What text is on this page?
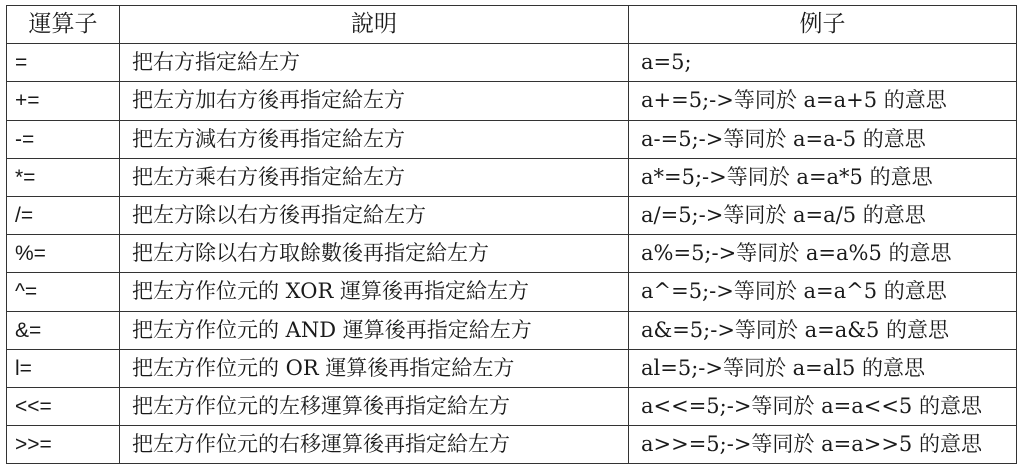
運算子	說明	例子
=	把右方指定給左方	a=5;
+=	把左方加右方後再指定給左方	a+=5;->等同於 a=a+5 的意思
-=	把左方減右方後再指定給左方	a-=5;->等同於 a=a-5 的意思
*=	把左方乘右方後再指定給左方	a*=5;->等同於 a=a*5 的意思
/=	把左方除以右方後再指定給左方	a/=5;->等同於 a=a/5 的意思
%=	把左方除以右方取餘數後再指定給左方	a%=5;->等同於 a=a%5 的意思
^=	把左方作位元的 XOR 運算後再指定給左方	a^=5;->等同於 a=a^5 的意思
&=	把左方作位元的 AND 運算後再指定給左方	a&=5;->等同於 a=a&5 的意思
l=	把左方作位元的 OR 運算後再指定給左方	al=5;->等同於 a=al5 的意思
<<=	把左方作位元的左移運算後再指定給左方	a<<=5;->等同於 a=a<<5 的意思
>>=	把左方作位元的右移運算後再指定給左方	a>>=5;->等同於 a=a>>5 的意思
